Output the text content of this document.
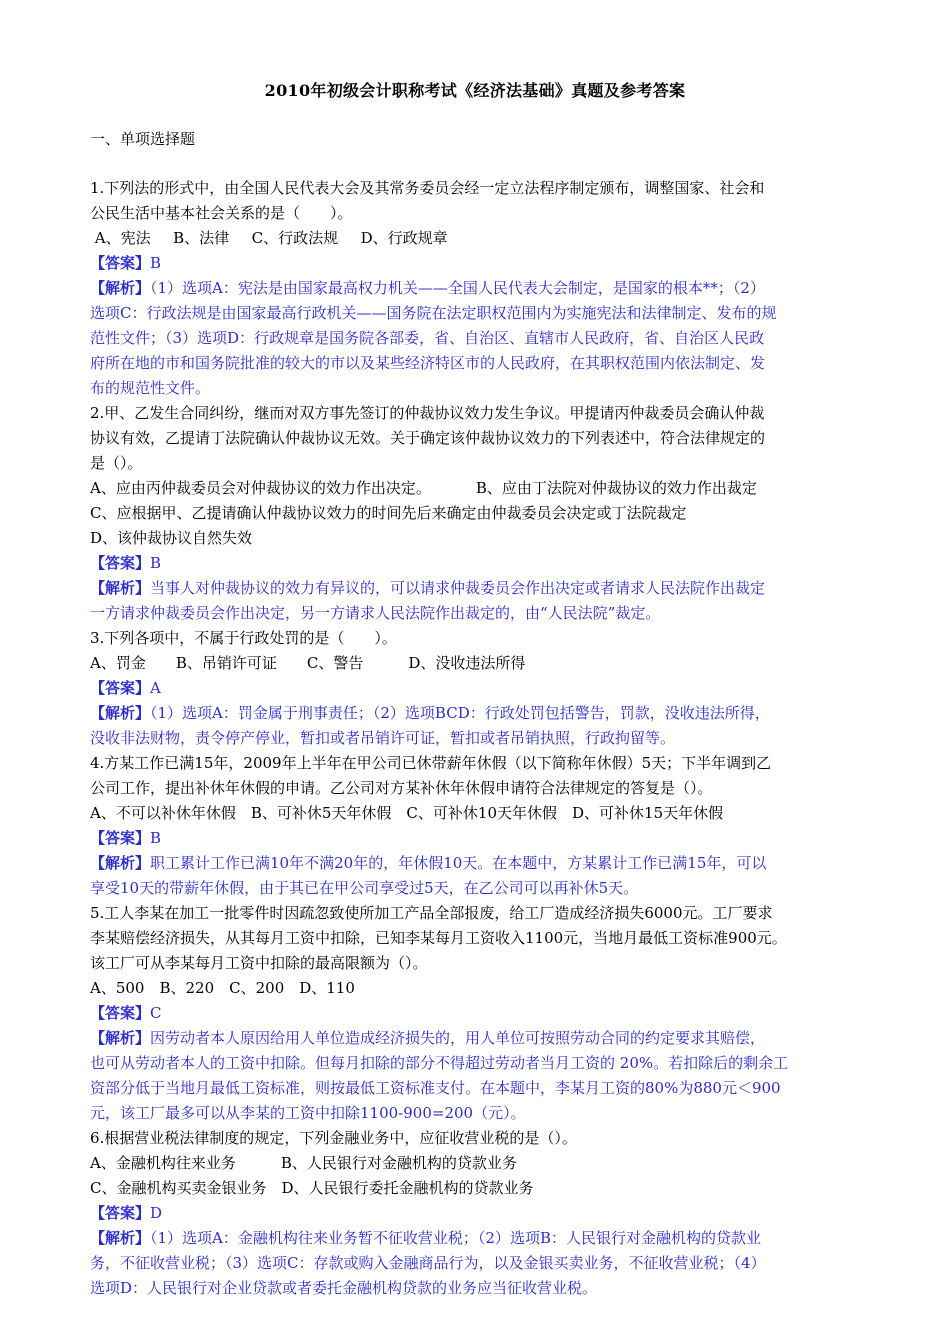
2010年初级会计职称考试《经济法基础》真题及参考答案
一、单项选择题
1.下列法的形式中，由全国人民代表大会及其常务委员会经一定立法程序制定颁布，调整国家、社会和
公民生活中基本社会关系的是（　　）。
A、宪法   B、法律   C、行政法规   D、行政规章
【答案】B
【解析】（1）选项A：宪法是由国家最高权力机关——全国人民代表大会制定，是国家的根本**；（2）
选项C：行政法规是由国家最高行政机关——国务院在法定职权范围内为实施宪法和法律制定、发布的规
范性文件；（3）选项D：行政规章是国务院各部委，省、自治区、直辖市人民政府，省、自治区人民政
府所在地的市和国务院批准的较大的市以及某些经济特区市的人民政府，在其职权范围内依法制定、发
布的规范性文件。
2.甲、乙发生合同纠纷，继而对双方事先签订的仲裁协议效力发生争议。甲提请丙仲裁委员会确认仲裁
协议有效，乙提请丁法院确认仲裁协议无效。关于确定该仲裁协议效力的下列表述中，符合法律规定的
是（）。
A、应由丙仲裁委员会对仲裁协议的效力作出决定。   	B、应由丁法院对仲裁协议的效力作出裁定
C、应根据甲、乙提请确认仲裁协议效力的时间先后来确定由仲裁委员会决定或丁法院裁定
D、该仲裁协议自然失效
【答案】B
【解析】当事人对仲裁协议的效力有异议的，可以请求仲裁委员会作出决定或者请求人民法院作出裁定
一方请求仲裁委员会作出决定，另一方请求人民法院作出裁定的，由“人民法院”裁定。
3.下列各项中，不属于行政处罚的是（　　）。
A、罚金   B、吊销许可证   C、警告   	D、没收违法所得
【答案】A
【解析】（1）选项A：罚金属于刑事责任；（2）选项BCD：行政处罚包括警告，罚款，没收违法所得，
没收非法财物，责令停产停业，暂扣或者吊销许可证，暂扣或者吊销执照，行政拘留等。
4.方某工作已满15年，2009年上半年在甲公司已休带薪年休假（以下简称年休假）5天；下半年调到乙
公司工作，提出补休年休假的申请。乙公司对方某补休年休假申请符合法律规定的答复是（）。
A、不可以补休年休假   B、可补休5天年休假   C、可补休10天年休假   D、可补休15天年休假
【答案】B
【解析】职工累计工作已满10年不满20年的，年休假10天。在本题中，方某累计工作已满15年，可以
享受10天的带薪年休假，由于其已在甲公司享受过5天，在乙公司可以再补休5天。
5.工人李某在加工一批零件时因疏忽致使所加工产品全部报废，给工厂造成经济损失6000元。工厂要求
李某赔偿经济损失，从其每月工资中扣除，已知李某每月工资收入1100元，当地月最低工资标准900元。
该工厂可从李某每月工资中扣除的最高限额为（）。
A、500  B、220  C、200  D、110
【答案】C
【解析】因劳动者本人原因给用人单位造成经济损失的，用人单位可按照劳动合同的约定要求其赔偿，
也可从劳动者本人的工资中扣除。但每月扣除的部分不得超过劳动者当月工资的 20%。若扣除后的剩余工
资部分低于当地月最低工资标准，则按最低工资标准支付。在本题中，李某月工资的80%为880元＜900
元，该工厂最多可以从李某的工资中扣除1100-900=200（元）。
6.根据营业税法律制度的规定，下列金融业务中，应征收营业税的是（）。
A、金融机构往来业务   	B、人民银行对金融机构的贷款业务
C、金融机构买卖金银业务  D、人民银行委托金融机构的贷款业务
【答案】D
【解析】（1）选项A：金融机构往来业务暂不征收营业税；（2）选项B：人民银行对金融机构的贷款业
务，不征收营业税；（3）选项C：存款或购入金融商品行为，以及金银买卖业务，不征收营业税；（4）
选项D：人民银行对企业贷款或者委托金融机构贷款的业务应当征收营业税。
